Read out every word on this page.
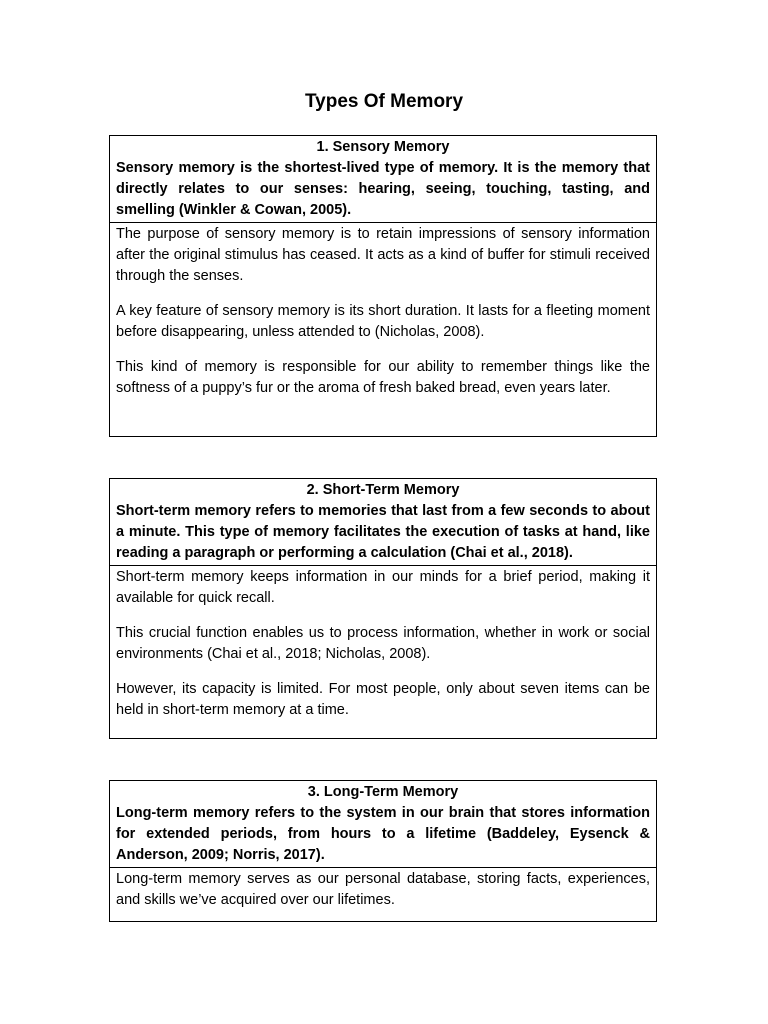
Types Of Memory

1. Sensory Memory

Sensory memory is the shortest-lived type of memory. It is the memory that directly relates to our senses: hearing, seeing, touching, tasting, and smelling (Winkler & Cowan, 2005).

The purpose of sensory memory is to retain impressions of sensory information after the original stimulus has ceased. It acts as a kind of buffer for stimuli received through the senses.

A key feature of sensory memory is its short duration. It lasts for a fleeting moment before disappearing, unless attended to (Nicholas, 2008).

This kind of memory is responsible for our ability to remember things like the softness of a puppy’s fur or the aroma of fresh baked bread, even years later.

2. Short-Term Memory

Short-term memory refers to memories that last from a few seconds to about a minute. This type of memory facilitates the execution of tasks at hand, like reading a paragraph or performing a calculation (Chai et al., 2018).

Short-term memory keeps information in our minds for a brief period, making it available for quick recall.

This crucial function enables us to process information, whether in work or social environments (Chai et al., 2018; Nicholas, 2008).

However, its capacity is limited. For most people, only about seven items can be held in short-term memory at a time.

3. Long-Term Memory

Long-term memory refers to the system in our brain that stores information for extended periods, from hours to a lifetime (Baddeley, Eysenck & Anderson, 2009; Norris, 2017).

Long-term memory serves as our personal database, storing facts, experiences, and skills we’ve acquired over our lifetimes.
